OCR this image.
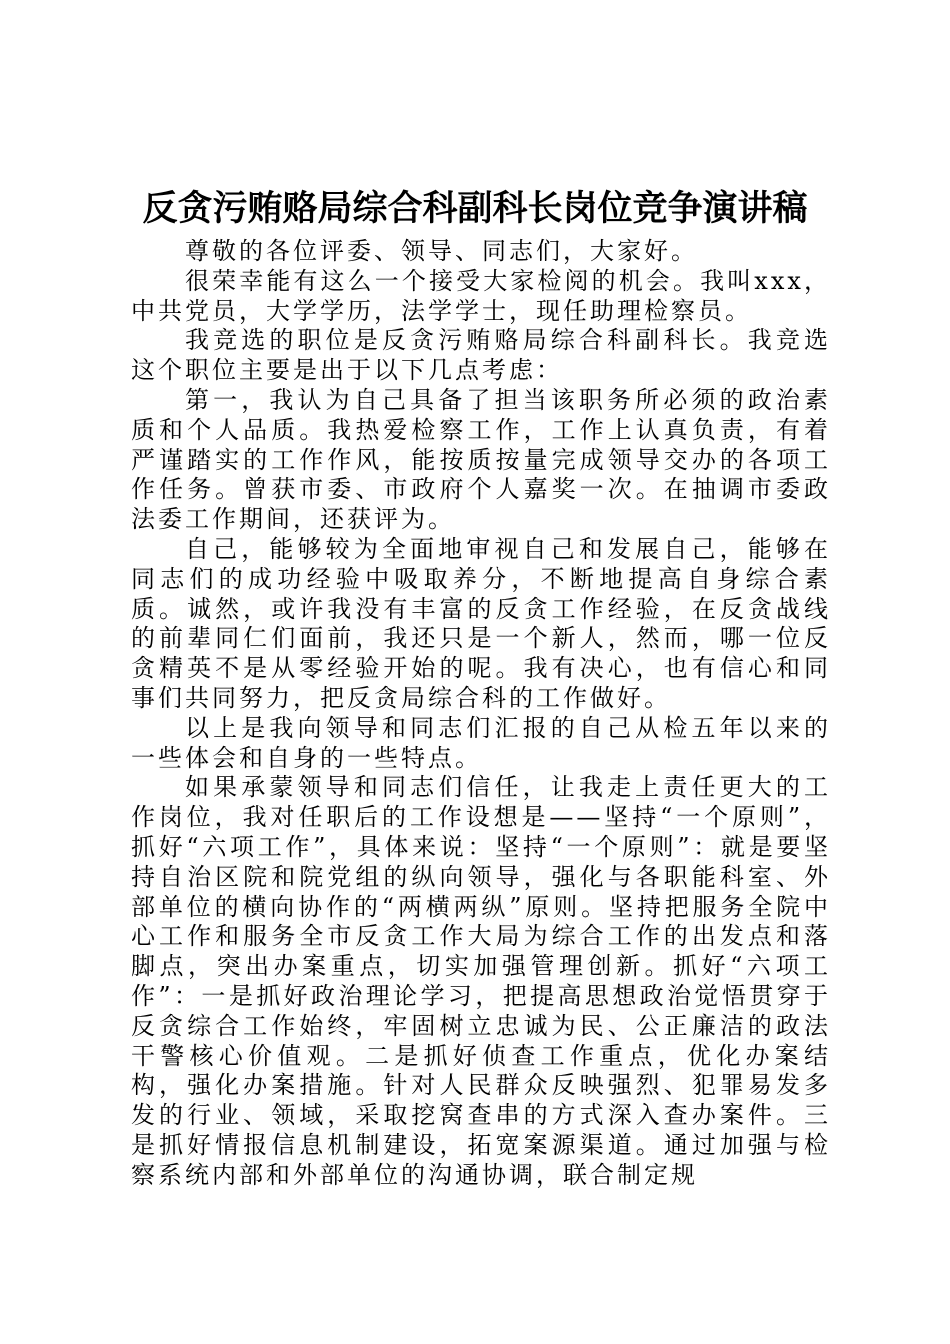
反贪污贿赂局综合科副科长岗位竞争演讲稿

尊敬的各位评委、领导、同志们，大家好。

很荣幸能有这么一个接受大家检阅的机会。我叫xxx，中共党员，大学学历，法学学士，现任助理检察员。

我竞选的职位是反贪污贿赂局综合科副科长。我竞选这个职位主要是出于以下几点考虑：

第一，我认为自己具备了担当该职务所必须的政治素质和个人品质。我热爱检察工作，工作上认真负责，有着严谨踏实的工作作风，能按质按量完成领导交办的各项工作任务。曾获市委、市政府个人嘉奖一次。在抽调市委政法委工作期间，还获评为。

自己，能够较为全面地审视自己和发展自己，能够在同志们的成功经验中吸取养分，不断地提高自身综合素质。诚然，或许我没有丰富的反贪工作经验，在反贪战线的前辈同仁们面前，我还只是一个新人，然而，哪一位反贪精英不是从零经验开始的呢。我有决心，也有信心和同事们共同努力，把反贪局综合科的工作做好。

以上是我向领导和同志们汇报的自己从检五年以来的一些体会和自身的一些特点。

如果承蒙领导和同志们信任，让我走上责任更大的工作岗位，我对任职后的工作设想是——坚持“一个原则”，抓好“六项工作”，具体来说：坚持“一个原则”：就是要坚持自治区院和院党组的纵向领导，强化与各职能科室、外部单位的横向协作的“两横两纵”原则。坚持把服务全院中心工作和服务全市反贪工作大局为综合工作的出发点和落脚点，突出办案重点，切实加强管理创新。抓好“六项工作”：一是抓好政治理论学习，把提高思想政治觉悟贯穿于反贪综合工作始终，牢固树立忠诚为民、公正廉洁的政法干警核心价值观。二是抓好侦查工作重点，优化办案结构，强化办案措施。针对人民群众反映强烈、犯罪易发多发的行业、领域，采取挖窝查串的方式深入查办案件。三是抓好情报信息机制建设，拓宽案源渠道。通过加强与检察系统内部和外部单位的沟通协调，联合制定规
